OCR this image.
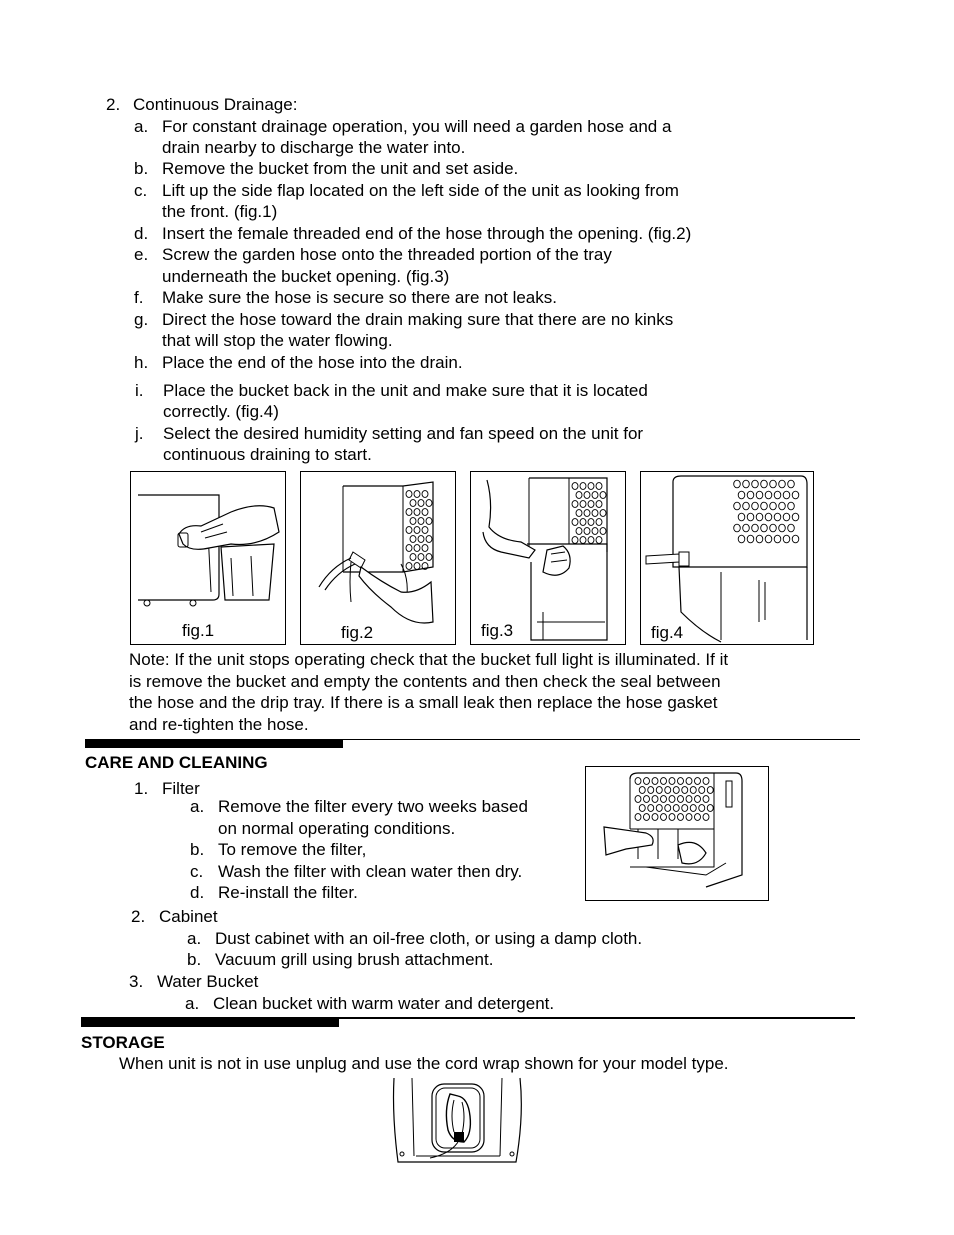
2. Continuous Drainage:
a. For constant drainage operation, you will need a garden hose and a
drain nearby to discharge the water into.
b. Remove the bucket from the unit and set aside.
c. Lift up the side flap located on the left side of the unit as looking from
the front. (fig.1)
d. Insert the female threaded end of the hose through the opening. (fig.2)
e. Screw the garden hose onto the threaded portion of the tray
underneath the bucket opening. (fig.3)
f. Make sure the hose is secure so there are not leaks.
g. Direct the hose toward the drain making sure that there are no kinks
that will stop the water flowing.
h. Place the end of the hose into the drain.
i. Place the bucket back in the unit and make sure that it is located
correctly. (fig.4)
j. Select the desired humidity setting and fan speed on the unit for
continuous draining to start.
fig.1	fig.2	fig.3	fig.4
Note: If the unit stops operating check that the bucket full light is illuminated. If it
is remove the bucket and empty the contents and then check the seal between
the hose and the drip tray. If there is a small leak then replace the hose gasket
and re-tighten the hose.
CARE AND CLEANING
1. Filter
a. Remove the filter every two weeks based
on normal operating conditions.
b. To remove the filter,
c. Wash the filter with clean water then dry.
d. Re-install the filter.
2. Cabinet
a. Dust cabinet with an oil-free cloth, or using a damp cloth.
b. Vacuum grill using brush attachment.
3. Water Bucket
a. Clean bucket with warm water and detergent.
STORAGE
When unit is not in use unplug and use the cord wrap shown for your model type.
